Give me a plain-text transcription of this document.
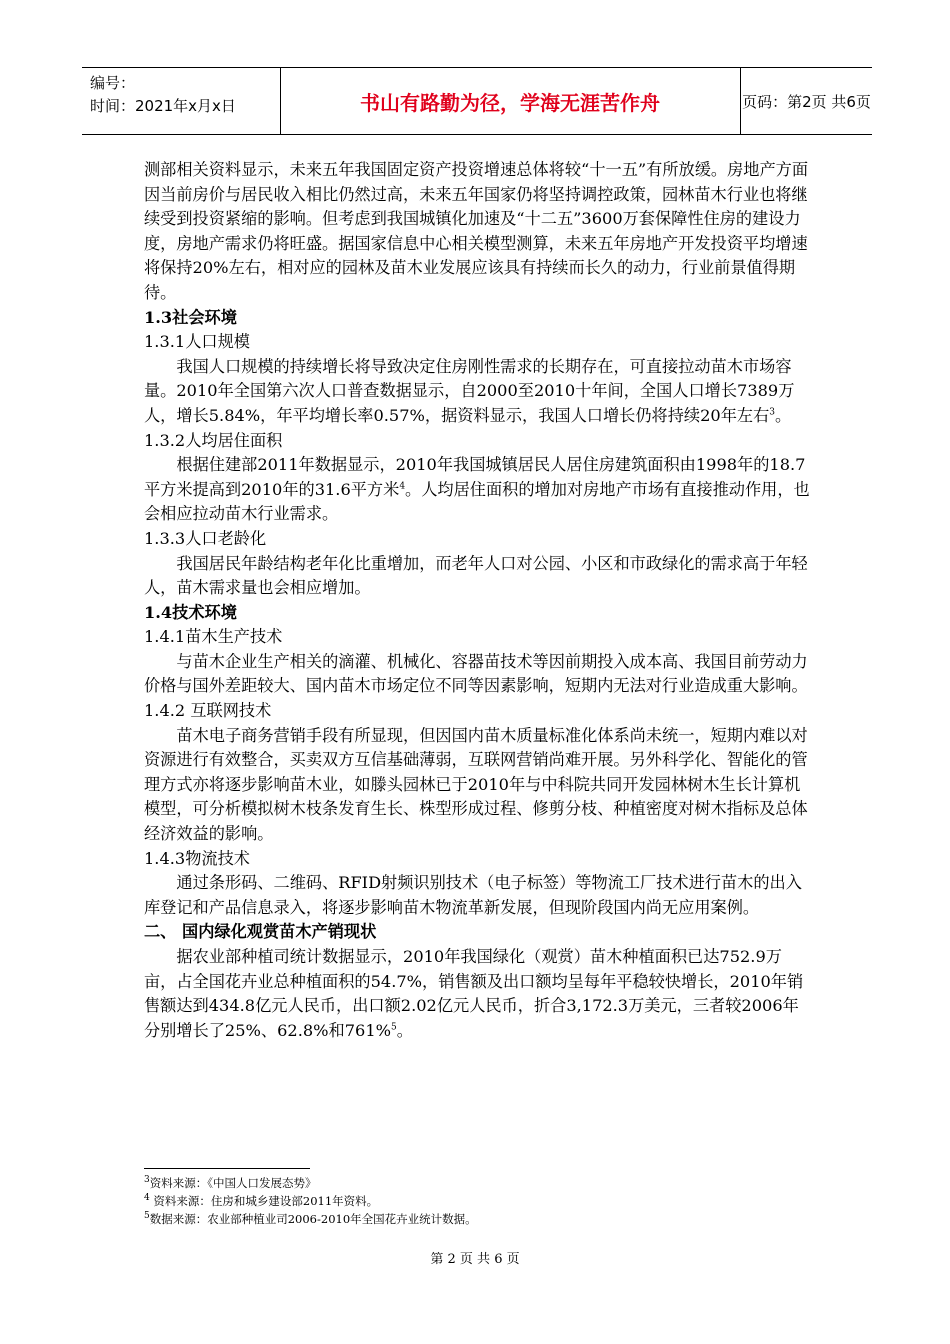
编号：
时间：2021年x月x日	书山有路勤为径，学海无涯苦作舟	页码：第2页 共6页

测部相关资料显示，未来五年我国固定资产投资增速总体将较“十一五”有所放缓。房地产方面因当前房价与居民收入相比仍然过高，未来五年国家仍将坚持调控政策，园林苗木行业也将继续受到投资紧缩的影响。但考虑到我国城镇化加速及“十二五”3600万套保障性住房的建设力度，房地产需求仍将旺盛。据国家信息中心相关模型测算，未来五年房地产开发投资平均增速将保持20%左右，相对应的园林及苗木业发展应该具有持续而长久的动力，行业前景值得期待。

1.3社会环境

1.3.1人口规模

我国人口规模的持续增长将导致决定住房刚性需求的长期存在，可直接拉动苗木市场容量。2010年全国第六次人口普查数据显示，自2000至2010十年间，全国人口增长7389万人，增长5.84%，年平均增长率0.57%，据资料显示，我国人口增长仍将持续20年左右$^3$。

1.3.2人均居住面积

根据住建部2011年数据显示，2010年我国城镇居民人居住房建筑面积由1998年的18.7平方米提高到2010年的31.6平方米$^4$。人均居住面积的增加对房地产市场有直接推动作用，也会相应拉动苗木行业需求。

1.3.3人口老龄化

我国居民年龄结构老年化比重增加，而老年人口对公园、小区和市政绿化的需求高于年轻人，苗木需求量也会相应增加。

1.4技术环境

1.4.1苗木生产技术

与苗木企业生产相关的滴灌、机械化、容器苗技术等因前期投入成本高、我国目前劳动力价格与国外差距较大、国内苗木市场定位不同等因素影响，短期内无法对行业造成重大影响。

1.4.2 互联网技术

苗木电子商务营销手段有所显现，但因国内苗木质量标准化体系尚未统一，短期内难以对资源进行有效整合，买卖双方互信基础薄弱，互联网营销尚难开展。另外科学化、智能化的管理方式亦将逐步影响苗木业，如滕头园林已于2010年与中科院共同开发园林树木生长计算机模型，可分析模拟树木枝条发育生长、株型形成过程、修剪分枝、种植密度对树木指标及总体经济效益的影响。

1.4.3物流技术

通过条形码、二维码、RFID射频识别技术（电子标签）等物流工厂技术进行苗木的出入库登记和产品信息录入，将逐步影响苗木物流革新发展，但现阶段国内尚无应用案例。

二、 国内绿化观赏苗木产销现状

据农业部种植司统计数据显示，2010年我国绿化（观赏）苗木种植面积已达752.9万亩，占全国花卉业总种植面积的54.7%，销售额及出口额均呈每年平稳较快增长，2010年销售额达到434.8亿元人民币，出口额2.02亿元人民币，折合3,172.3万美元，三者较2006年分别增长了25%、62.8%和761%$^5$。

$^3$资料来源：《中国人口发展态势》

$^4$ 资料来源：住房和城乡建设部2011年资料。

$^5$数据来源：农业部种植业司2006-2010年全国花卉业统计数据。

第 2 页 共 6 页
